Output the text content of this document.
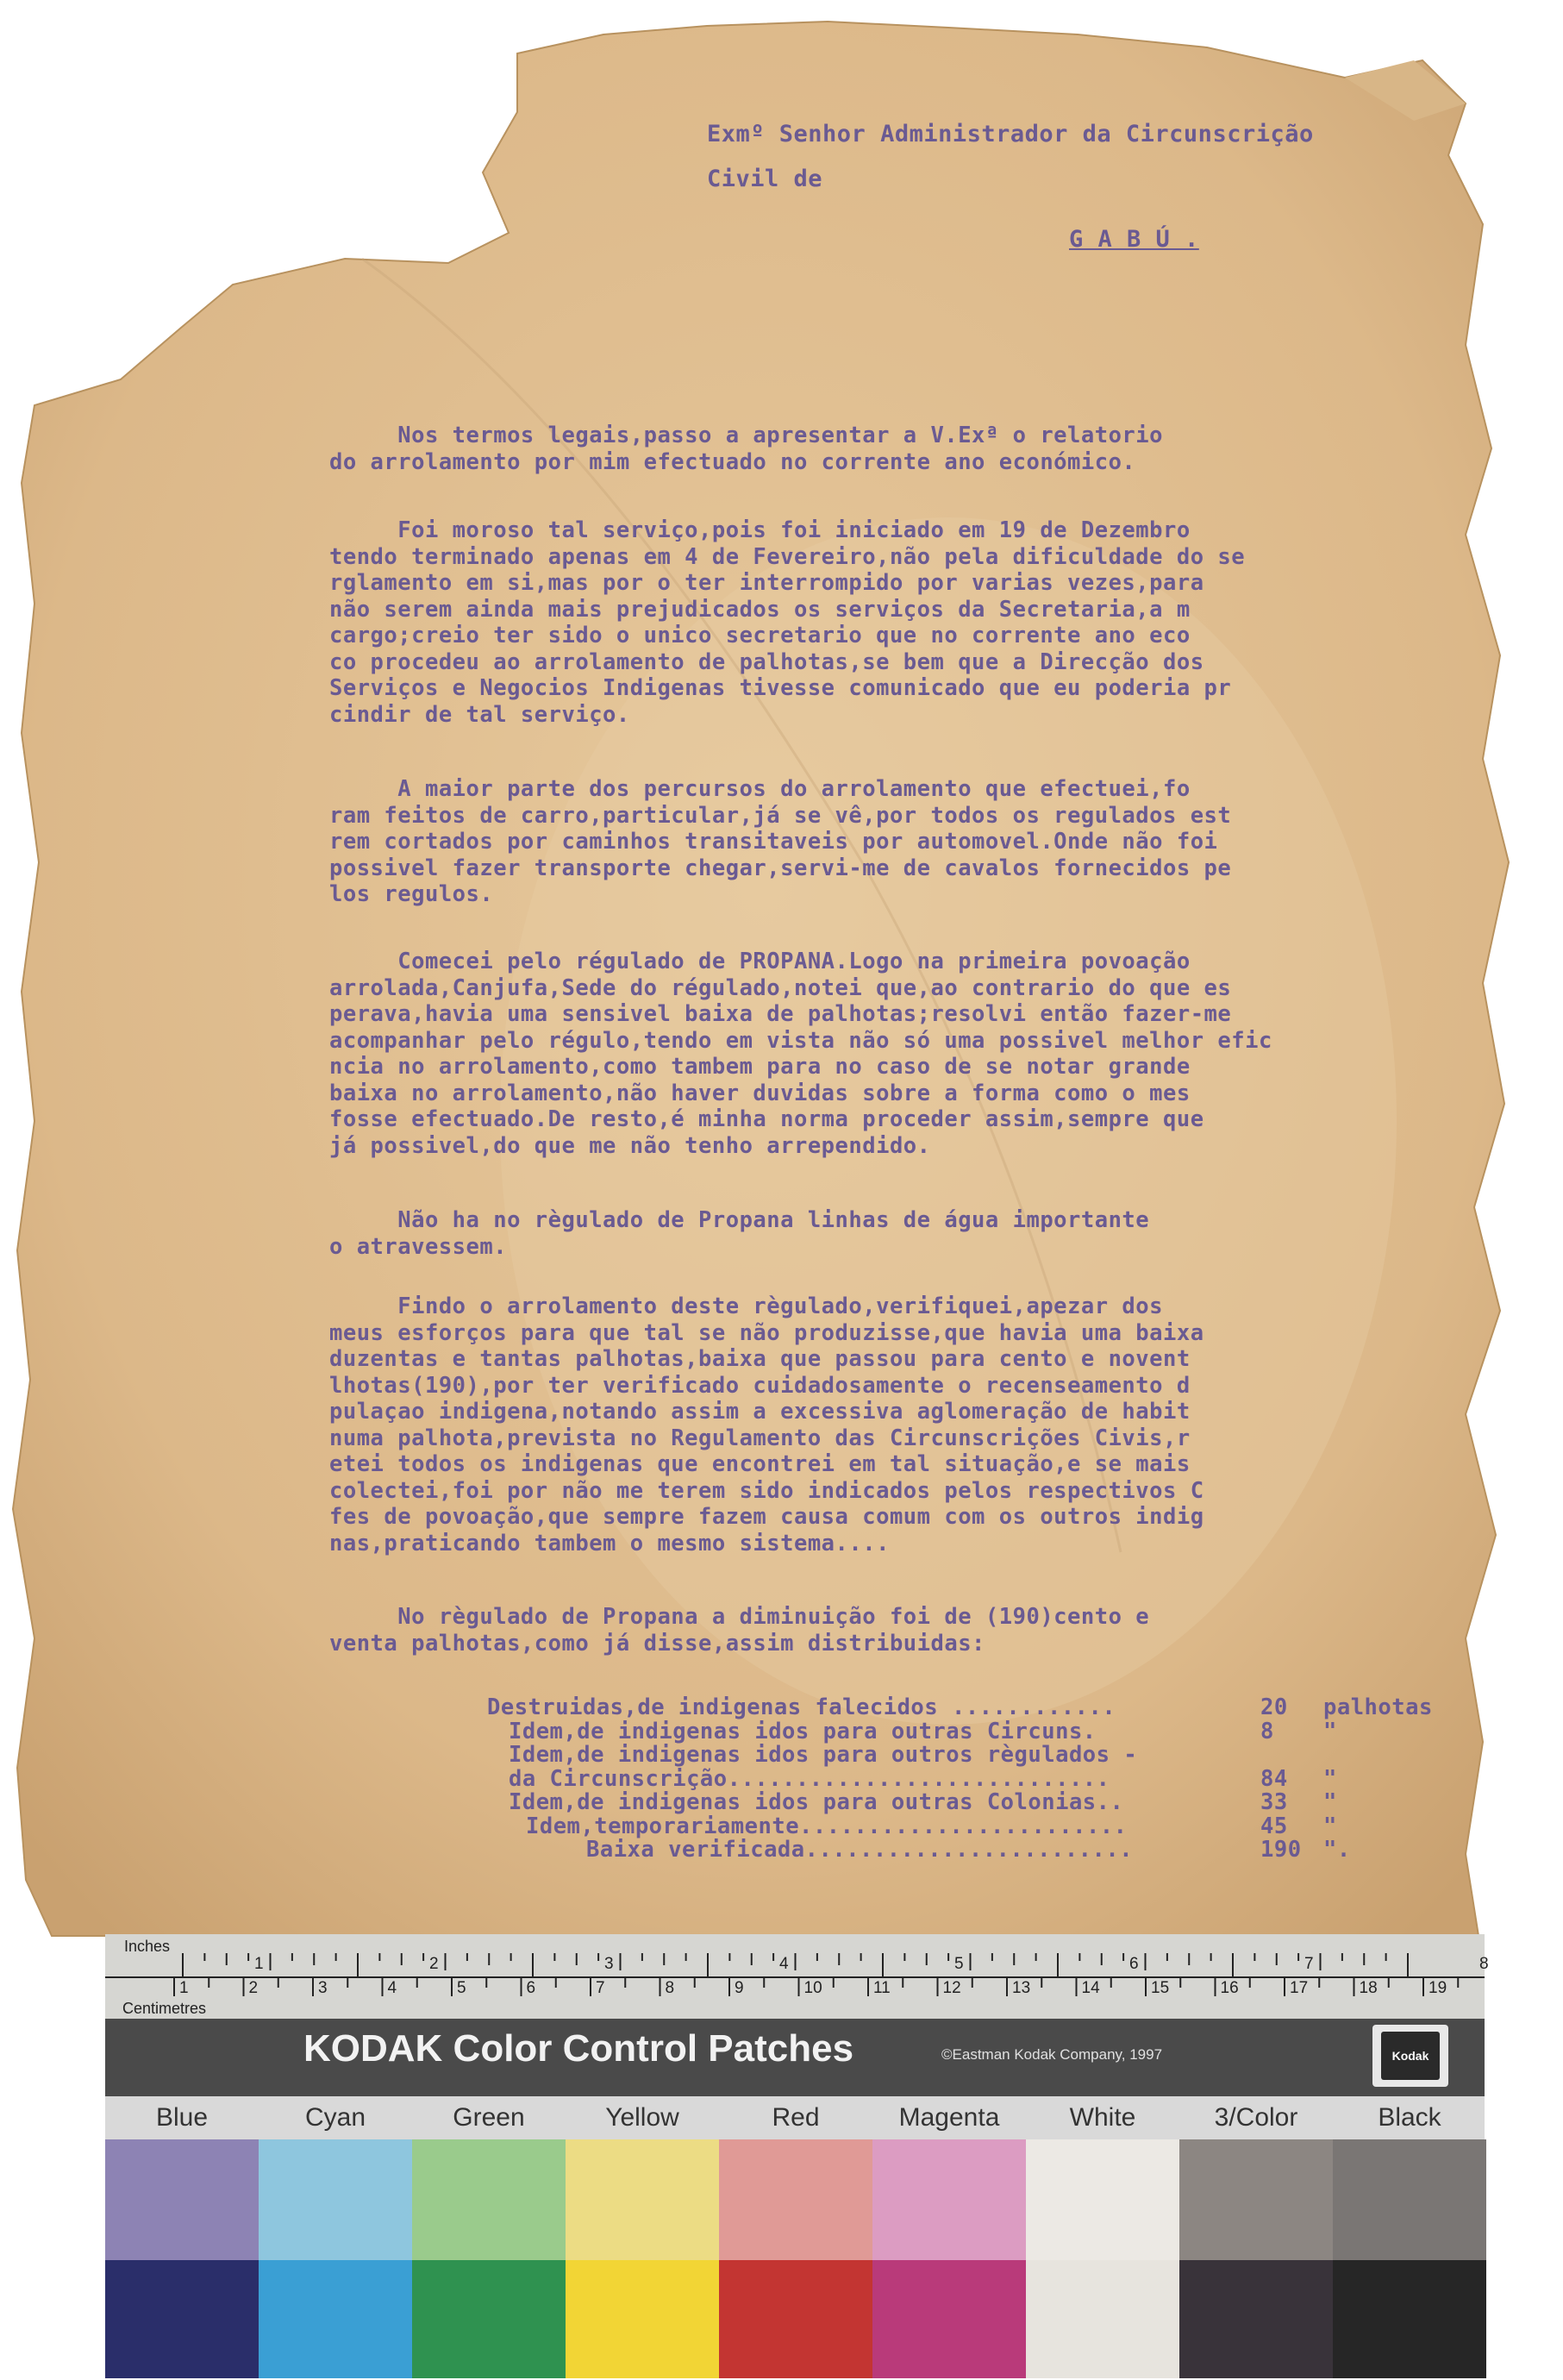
Exmº Senhor Administrador da Circunscrição

Civil de

G A B Ú .

Nos termos legais,passo a apresentar a V.Exª o relatorio
do arrolamento por mim efectuado no corrente ano económico.
Foi moroso tal serviço,pois foi iniciado em 19 de Dezembro
tendo terminado apenas em 4 de Fevereiro,não pela dificuldade do se
rglamento em si,mas por o ter interrompido por varias vezes,para
não serem ainda mais prejudicados os serviços da Secretaria,a m
cargo;creio ter sido o unico secretario que no corrente ano eco
co procedeu ao arrolamento de palhotas,se bem que a Direcção dos
Serviços e Negocios Indigenas tivesse comunicado que eu poderia pr
cindir de tal serviço.
A maior parte dos percursos do arrolamento que efectuei,fo
ram feitos de carro,particular,já se vê,por todos os regulados est
rem cortados por caminhos transitaveis por automovel.Onde não foi
possivel fazer transporte chegar,servi-me de cavalos fornecidos pe
los regulos.
Comecei pelo régulado de PROPANA.Logo na primeira povoação
arrolada,Canjufa,Sede do régulado,notei que,ao contrario do que es
perava,havia uma sensivel baixa de palhotas;resolvi então fazer-me
acompanhar pelo régulo,tendo em vista não só uma possivel melhor efic
ncia no arrolamento,como tambem para no caso de se notar grande
baixa no arrolamento,não haver duvidas sobre a forma como o mes
fosse efectuado.De resto,é minha norma proceder assim,sempre que
já possivel,do que me não tenho arrependido.
Não ha no règulado de Propana linhas de água importante
o atravessem.
Findo o arrolamento deste règulado,verifiquei,apezar dos
meus esforços para que tal se não produzisse,que havia uma baixa
duzentas e tantas palhotas,baixa que passou para cento e novent
lhotas(190),por ter verificado cuidadosamente o recenseamento d
pulaçao indigena,notando assim a excessiva aglomeração de habit
numa palhota,prevista no Regulamento das Circunscrições Civis,r
etei todos os indigenas que encontrei em tal situação,e se mais
colectei,foi por não me terem sido indicados pelos respectivos C
fes de povoação,que sempre fazem causa comum com os outros indig
nas,praticando tambem o mesmo sistema....
No règulado de Propana a diminuição foi de (190)cento e
venta palhotas,como já disse,assim distribuidas:
Destruidas,de indigenas falecidos ............	20 palhotas
Idem,de indigenas idos para outras Circuns.	8 "
Idem,de indigenas idos para outros règulados -
da Circunscrição............................	84 "
Idem,de indigenas idos para outras Colonias..	33 "
Idem,temporariamente........................	45 "
Baixa verificada........................	190 ".
Inches
Centimetres
1	2	3	4	5	6	7	8
1	2	3	4	5	6	7	8	9	10	11	12	13	14	15	16	17	18	19
KODAK Color Control Patches	©Eastman Kodak Company, 1997	Kodak
Blue	Cyan	Green	Yellow	Red	Magenta	White	3/Color	Black
